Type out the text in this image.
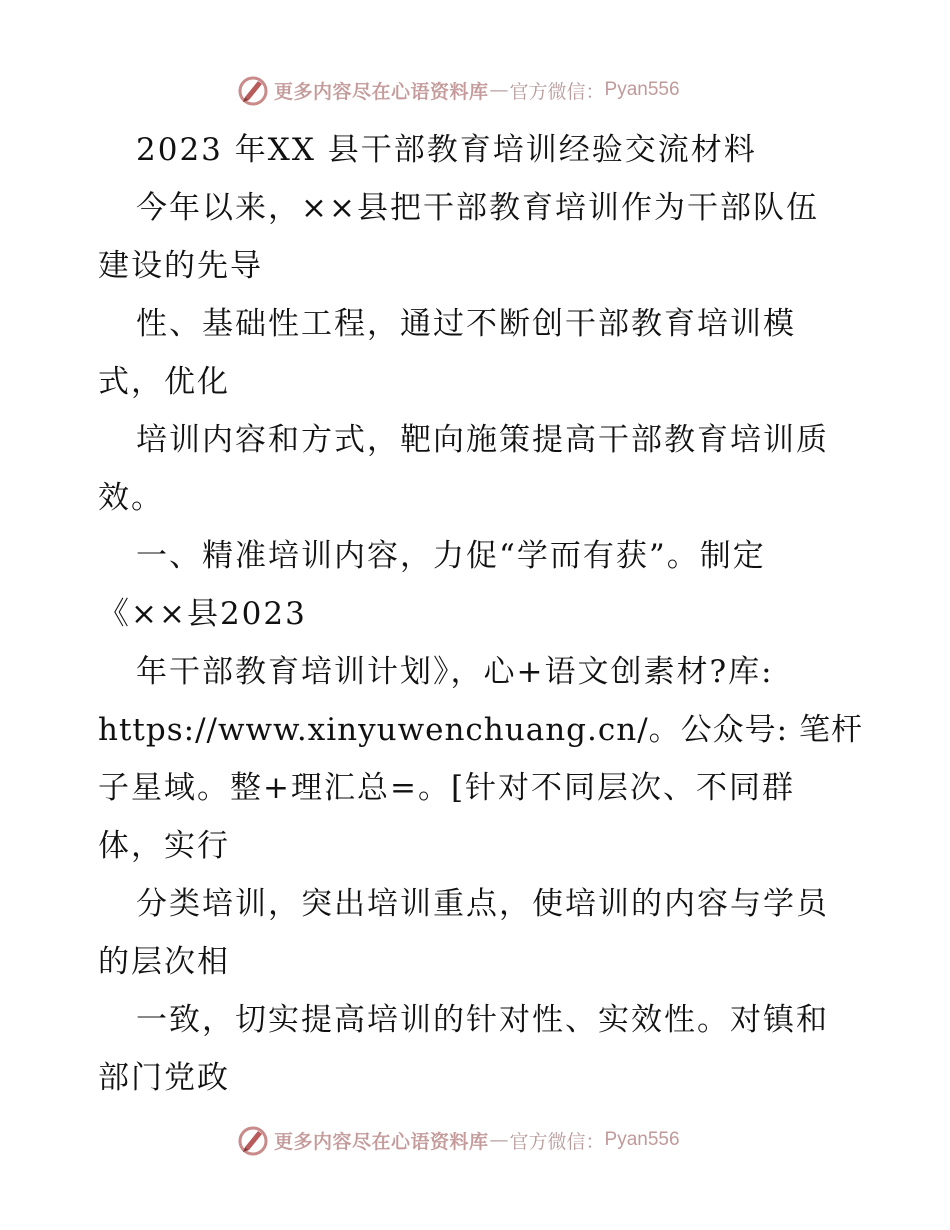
更多内容尽在心语资料库 — 官方微信： Pyan556
2023 年XX 县干部教育培训经验交流材料
今年以来，××县把干部教育培训作为干部队伍
建设的先导
性、基础性工程，通过不断创干部教育培训模
式，优化
培训内容和方式，靶向施策提高干部教育培训质
效。
一、精准培训内容，力促“学而有获”。制定
《××县2023
年干部教育培训计划》，心+语文创素材?库:
https://www.xinyuwenchuang.cn/。公众号: 笔杆
子星域。整+理汇总=。[针对不同层次、不同群
体，实行
分类培训，突出培训重点，使培训的内容与学员
的层次相
一致，切实提高培训的针对性、实效性。对镇和
部门党政
更多内容尽在心语资料库 — 官方微信： Pyan556
